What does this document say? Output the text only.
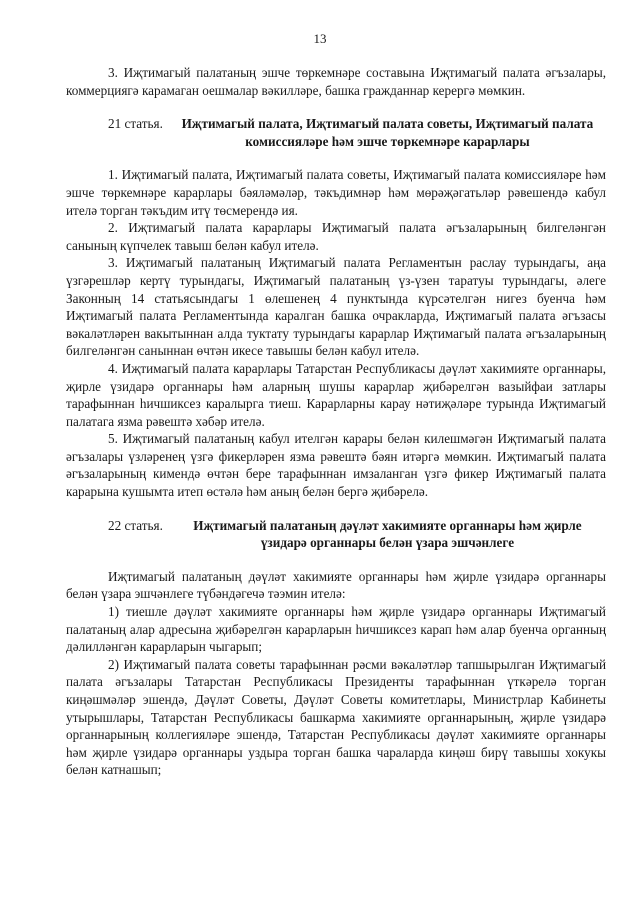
13

3. Иҗтимагый палатаның эшче төркемнәре составына Иҗтимагый палата әгъзалары, коммерциягә карамаган оешмалар вәкилләре, башка гражданнар керергә мөмкин.

21 статья.	Иҗтимагый палата, Иҗтимагый палата советы, Иҗтимагый палата комиссияләре һәм эшче төркемнәре карарлары

1. Иҗтимагый палата, Иҗтимагый палата советы, Иҗтимагый палата комиссияләре һәм эшче төркемнәре карарлары бәяләмәләр, тәкъдимнәр һәм мөрәҗәгатьләр рәвешендә кабул ителә торган тәкъдим итү төсмерендә ия.

2. Иҗтимагый палата карарлары Иҗтимагый палата әгъзаларының билгеләнгән санының күпчелек тавыш белән кабул ителә.

3. Иҗтимагый палатаның Иҗтимагый палата Регламентын раслау турындагы, аңа үзгәрешләр кертү турындагы, Иҗтимагый палатаның үз-үзен таратуы турындагы, әлеге Законның 14 статьясындагы 1 өлешенең 4 пунктында күрсәтелгән нигез буенча һәм Иҗтимагый палата Регламентында каралган башка очракларда, Иҗтимагый палата әгъзасы вәкаләтләрен вакытыннан алда туктату турындагы карарлар Иҗтимагый палата әгъзаларының билгеләнгән саныннан өчтән икесе тавышы белән кабул ителә.

4. Иҗтимагый палата карарлары Татарстан Республикасы дәүләт хакимияте органнары, җирле үзидарә органнары һәм аларның шушы карарлар җибәрелгән вазыйфаи затлары тарафыннан һичшиксез каралырга тиеш. Карарларны карау нәтиҗәләре турында Иҗтимагый палатага язма рәвештә хәбәр ителә.

5. Иҗтимагый палатаның кабул ителгән карары белән килешмәгән Иҗтимагый палата әгъзалары үзләренең үзгә фикерләрен язма рәвештә бәян итәргә мөмкин. Иҗтимагый палата әгъзаларының кимендә өчтән бере тарафыннан имзаланган үзгә фикер Иҗтимагый палата карарына кушымта итеп өстәлә һәм аның белән бергә җибәрелә.

22 статья.	Иҗтимагый палатаның дәүләт хакимияте органнары һәм җирле үзидарә органнары белән үзара эшчәнлеге

Иҗтимагый палатаның дәүләт хакимияте органнары һәм җирле үзидарә органнары белән үзара эшчәнлеге түбәндәгечә тәэмин ителә:

1) тиешле дәүләт хакимияте органнары һәм җирле үзидарә органнары Иҗтимагый палатаның алар адресына җибәрелгән карарларын һичшиксез карап һәм алар буенча органның дәлилләнгән карарларын чыгарып;

2) Иҗтимагый палата советы тарафыннан рәсми вәкаләтләр тапшырылган Иҗтимагый палата әгъзалары Татарстан Республикасы Президенты тарафыннан үткәрелә торган киңәшмәләр эшендә, Дәүләт Советы, Дәүләт Советы комитетлары, Министрлар Кабинеты утырышлары, Татарстан Республикасы башкарма хакимияте органнарының, җирле үзидарә органнарының коллегияләре эшендә, Татарстан Республикасы дәүләт хакимияте органнары һәм җирле үзидарә органнары уздыра торган башка чараларда киңәш бирү тавышы хокукы белән катнашып;
